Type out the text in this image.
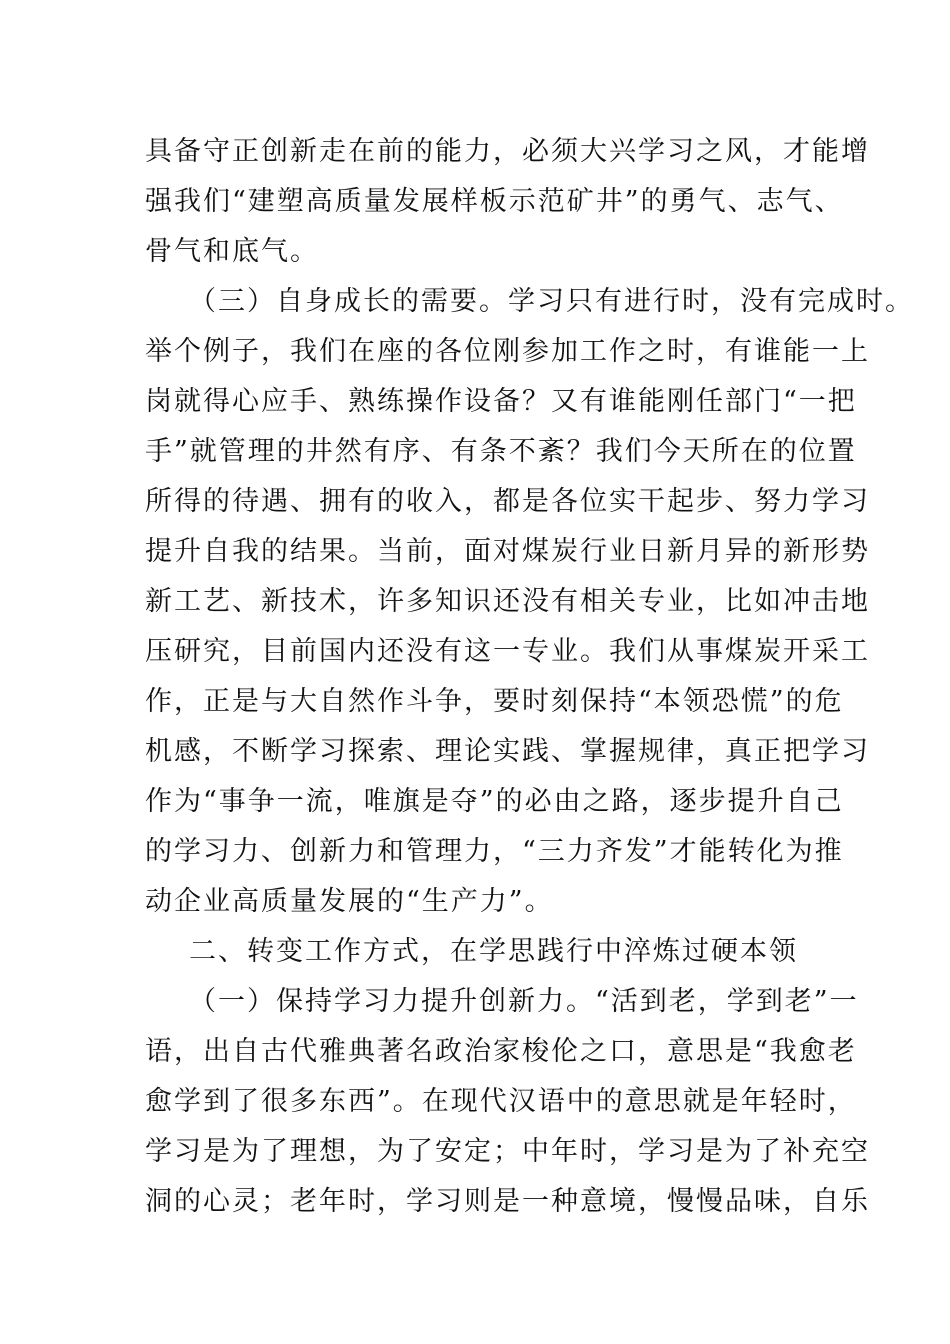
具备守正创新走在前的能力，必须大兴学习之风，才能增
强我们“建塑高质量发展样板示范矿井”的勇气、志气、
骨气和底气。
（三）自身成长的需要。学习只有进行时，没有完成时。
举个例子，我们在座的各位刚参加工作之时，有谁能一上
岗就得心应手、熟练操作设备？又有谁能刚任部门“一把
手”就管理的井然有序、有条不紊？我们今天所在的位置
所得的待遇、拥有的收入，都是各位实干起步、努力学习
提升自我的结果。当前，面对煤炭行业日新月异的新形势
新工艺、新技术，许多知识还没有相关专业，比如冲击地
压研究，目前国内还没有这一专业。我们从事煤炭开采工
作，正是与大自然作斗争，要时刻保持“本领恐慌”的危
机感，不断学习探索、理论实践、掌握规律，真正把学习
作为“事争一流，唯旗是夺”的必由之路，逐步提升自己
的学习力、创新力和管理力，“三力齐发”才能转化为推
动企业高质量发展的“生产力”。
二、转变工作方式，在学思践行中淬炼过硬本领
（一）保持学习力提升创新力。“活到老，学到老”一
语，出自古代雅典著名政治家梭伦之口，意思是“我愈老
愈学到了很多东西”。在现代汉语中的意思就是年轻时，
学习是为了理想，为了安定；中年时，学习是为了补充空
洞的心灵；老年时，学习则是一种意境，慢慢品味，自乐
